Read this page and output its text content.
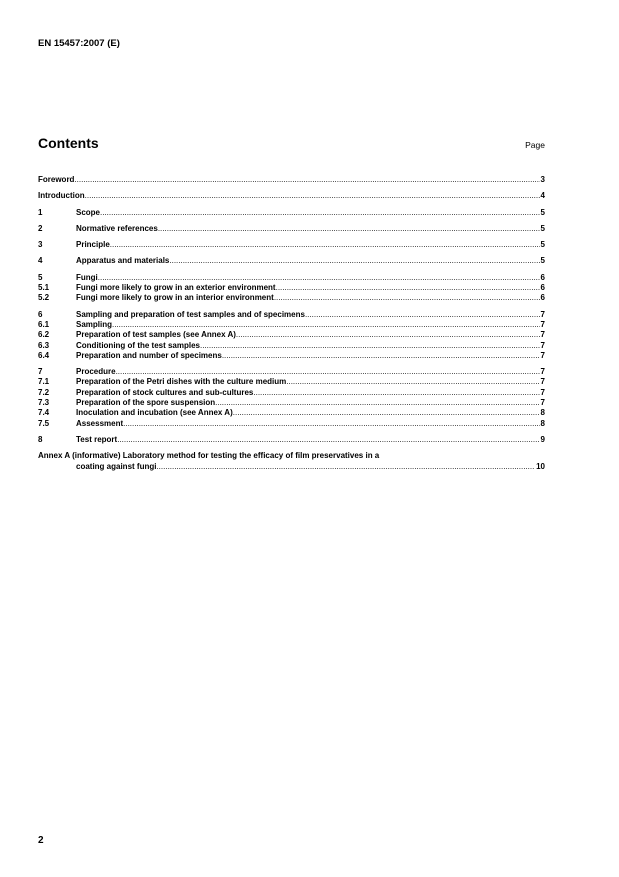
EN 15457:2007 (E)
Contents	Page
Foreword .....	3
Introduction .....	4
1	Scope .....	5
2	Normative references .....	5
3	Principle .....	5
4	Apparatus and materials .....	5
5	Fungi .....	6
5.1	Fungi more likely to grow in an exterior environment .....	6
5.2	Fungi more likely to grow in an interior environment .....	6
6	Sampling and preparation of test samples and of specimens .....	7
6.1	Sampling .....	7
6.2	Preparation of test samples (see Annex A) .....	7
6.3	Conditioning of the test samples .....	7
6.4	Preparation and number of specimens .....	7
7	Procedure .....	7
7.1	Preparation of the Petri dishes with the culture medium .....	7
7.2	Preparation of stock cultures and sub-cultures .....	7
7.3	Preparation of the spore suspension .....	7
7.4	Inoculation and incubation (see Annex A) .....	8
7.5	Assessment .....	8
8	Test report .....	9
Annex A (informative) Laboratory method for testing the efficacy of film preservatives in a
coating against fungi .....	10
2
